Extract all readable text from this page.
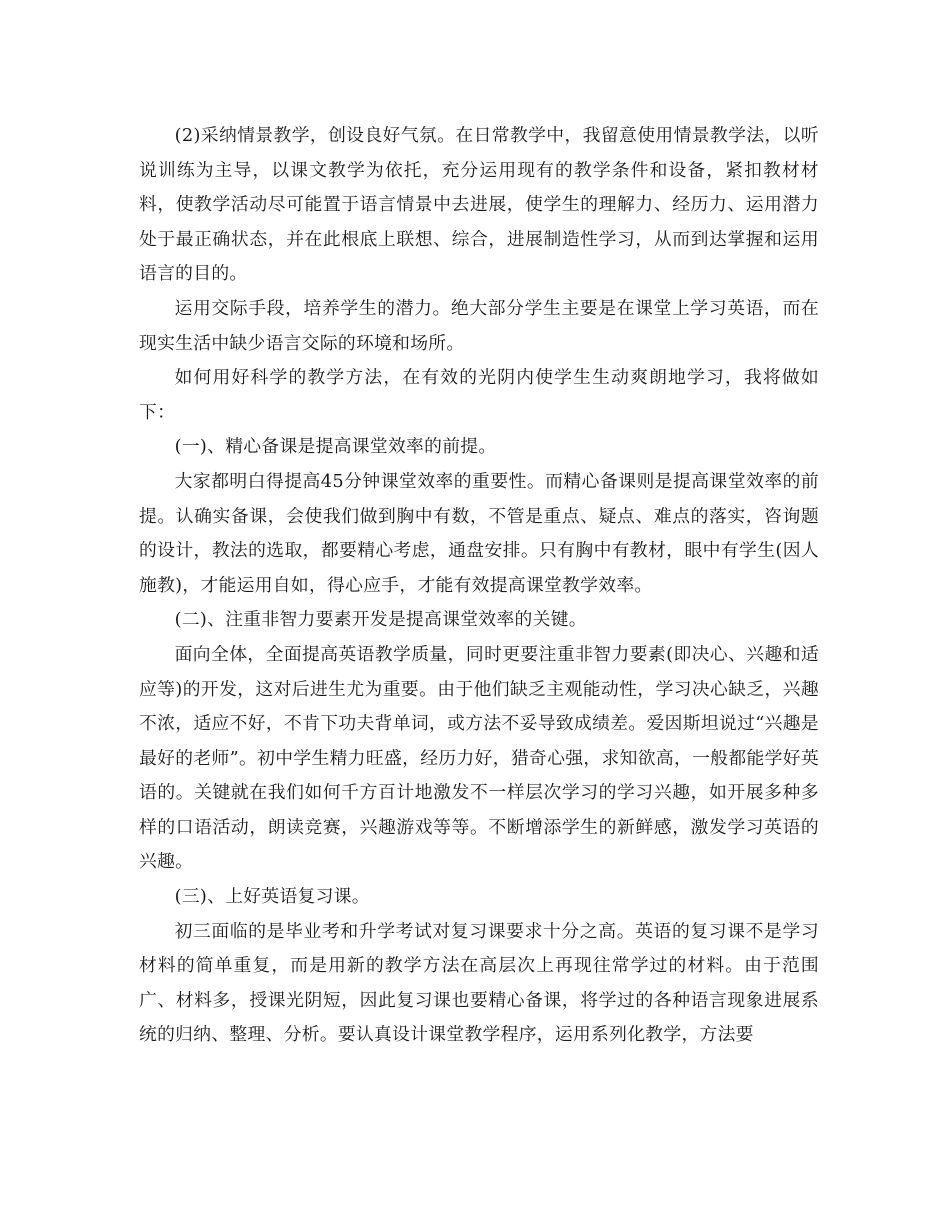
(2)采纳情景教学，创设良好气氛。在日常教学中，我留意使用情景教学法，以听说训练为主导，以课文教学为依托，充分运用现有的教学条件和设备，紧扣教材材料，使教学活动尽可能置于语言情景中去进展，使学生的理解力、经历力、运用潜力处于最正确状态，并在此根底上联想、综合，进展制造性学习，从而到达掌握和运用语言的目的。

运用交际手段，培养学生的潜力。绝大部分学生主要是在课堂上学习英语，而在现实生活中缺少语言交际的环境和场所。

如何用好科学的教学方法，在有效的光阴内使学生生动爽朗地学习，我将做如下：

(一)、精心备课是提高课堂效率的前提。

大家都明白得提高45分钟课堂效率的重要性。而精心备课则是提高课堂效率的前提。认确实备课，会使我们做到胸中有数，不管是重点、疑点、难点的落实，咨询题的设计，教法的选取，都要精心考虑，通盘安排。只有胸中有教材，眼中有学生(因人施教)，才能运用自如，得心应手，才能有效提高课堂教学效率。

(二)、注重非智力要素开发是提高课堂效率的关键。

面向全体，全面提高英语教学质量，同时更要注重非智力要素(即决心、兴趣和适应等)的开发，这对后进生尤为重要。由于他们缺乏主观能动性，学习决心缺乏，兴趣不浓，适应不好，不肯下功夫背单词，或方法不妥导致成绩差。爱因斯坦说过“兴趣是最好的老师”。初中学生精力旺盛，经历力好，猎奇心强，求知欲高，一般都能学好英语的。关键就在我们如何千方百计地激发不一样层次学习的学习兴趣，如开展多种多样的口语活动，朗读竞赛，兴趣游戏等等。不断增添学生的新鲜感，激发学习英语的兴趣。

(三)、上好英语复习课。

初三面临的是毕业考和升学考试对复习课要求十分之高。英语的复习课不是学习材料的简单重复，而是用新的教学方法在高层次上再现往常学过的材料。由于范围广、材料多，授课光阴短，因此复习课也要精心备课，将学过的各种语言现象进展系统的归纳、整理、分析。要认真设计课堂教学程序，运用系列化教学，方法要
